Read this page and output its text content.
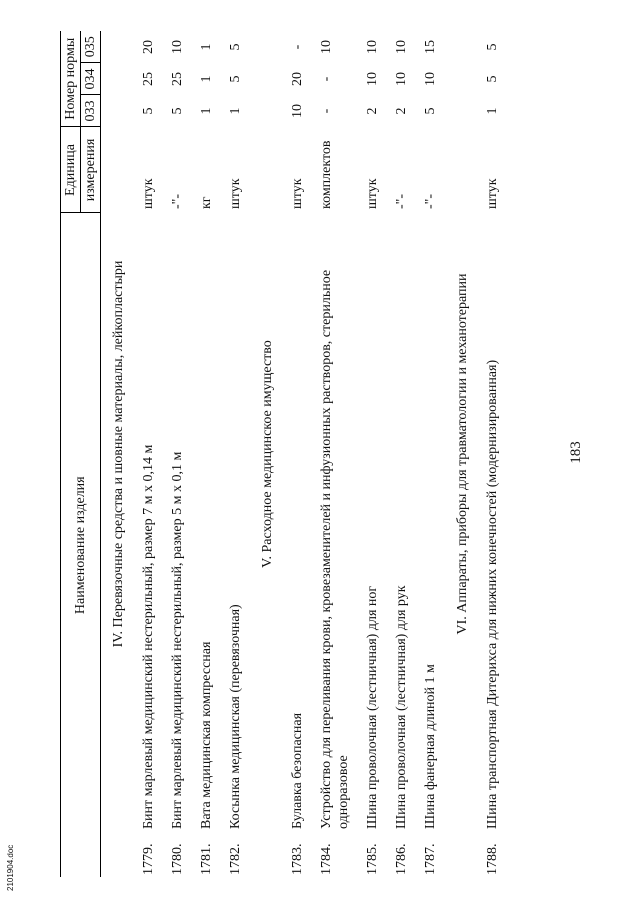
183
Наименование изделия		Единица	Номер нормы		
		измерения	033	034	035
IV. Перевязочные средства и шовные материалы, лейкопластыри					
1779.	Бинт марлевый медицинский нестерильный, размер 7 м х 0,14 м	штук	5	25	20
1780.	Бинт марлевый медицинский нестерильный, размер 5 м х 0,1 м	-"-	5	25	10
1781.	Вата медицинская компрессная	кг	1	1	1
1782.	Косынка медицинская (перевязочная)	штук	1	5	5
V. Расходное медицинское имущество					
1783.	Булавка безопасная	штук	10	20	-
1784.	Устройство для переливания крови, кровезаменителей и инфузионных растворов, стерильное одноразовое	комплектов	-	-	10
1785.	Шина проволочная (лестничная) для ног	штук	2	10	10
1786.	Шина проволочная (лестничная) для рук	-"-	2	10	10
1787.	Шина фанерная длиной 1 м	-"-	5	10	15
VI. Аппараты, приборы для травматологии и механотерапии					
1788.	Шина транспортная Дитерихса для нижних конечностей (модернизированная)	штук	1	5	5
2101904.doc
